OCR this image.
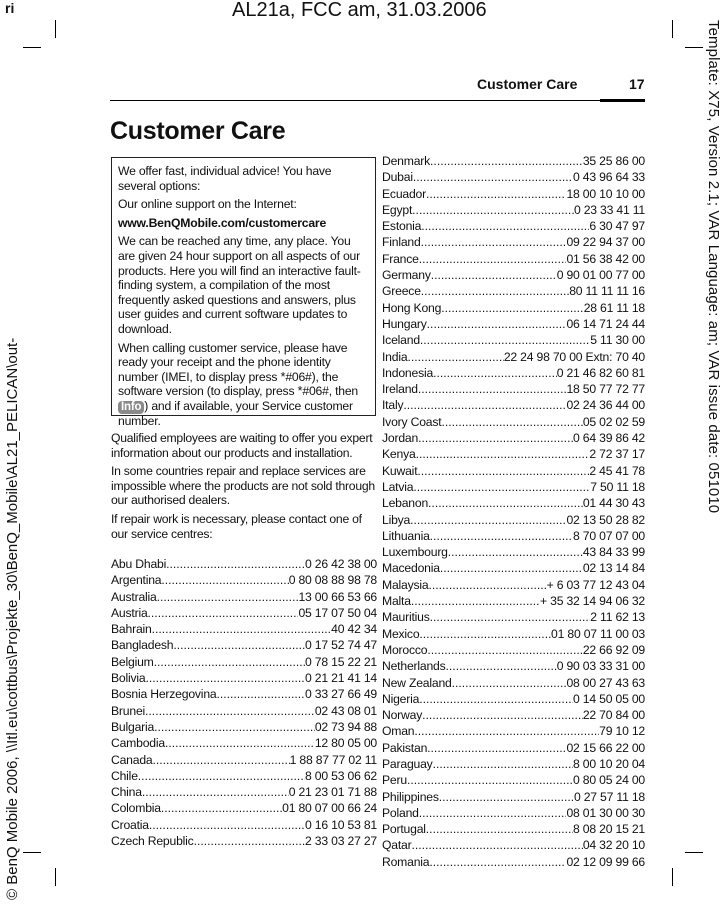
ri	AL21a, FCC am, 31.03.2006
Template: X75, Version 2.1; VAR Language: am; VAR issue date: 051010
© BenQ Mobile 2006, \\Itl.eu\cottbus\Projekte_30\BenQ_Mobile\AL21_PELICAN\out-
Customer Care	17
Customer Care

We offer fast, individual advice! You have several options:

Our online support on the Internet:

www.BenQMobile.com/customercare

We can be reached any time, any place. You are given 24 hour support on all aspects of our products. Here you will find an interactive fault-finding system, a compilation of the most frequently asked questions and answers, plus user guides and current software updates to download.

When calling customer service, please have ready your receipt and the phone identity number (IMEI, to display press *#06#), the software version (to display, press *#06#, then Info ) and if available, your Service customer number.

Qualified employees are waiting to offer you expert information about our products and installation.

In some countries repair and replace services are impossible where the products are not sold through our authorised dealers.

If repair work is necessary, please contact one of our service centres:

Abu Dhabi .....	0 26 42 38 00
Argentina .....	0 80 08 88 98 78
Australia .....	13 00 66 53 66
Austria .....	05 17 07 50 04
Bahrain .....	40 42 34
Bangladesh .....	0 17 52 74 47
Belgium .....	0 78 15 22 21
Bolivia .....	0 21 21 41 14
Bosnia Herzegovina .....	0 33 27 66 49
Brunei .....	02 43 08 01
Bulgaria .....	02 73 94 88
Cambodia .....	12 80 05 00
Canada .....	1 88 87 77 02 11
Chile .....	8 00 53 06 62
China .....	0 21 23 01 71 88
Colombia .....	01 80 07 00 66 24
Croatia .....	0 16 10 53 81
Czech Republic .....	2 33 03 27 27
Denmark .....	35 25 86 00
Dubai .....	0 43 96 64 33
Ecuador .....	18 00 10 10 00
Egypt .....	0 23 33 41 11
Estonia .....	6 30 47 97
Finland .....	09 22 94 37 00
France .....	01 56 38 42 00
Germany .....	0 90 01 00 77 00
Greece .....	80 11 11 11 16
Hong Kong .....	28 61 11 18
Hungary .....	06 14 71 24 44
Iceland .....	5 11 30 00
India .....	22 24 98 70 00 Extn: 70 40
Indonesia .....	0 21 46 82 60 81
Ireland .....	18 50 77 72 77
Italy .....	02 24 36 44 00
Ivory Coast .....	05 02 02 59
Jordan .....	0 64 39 86 42
Kenya .....	2 72 37 17
Kuwait .....	2 45 41 78
Latvia .....	7 50 11 18
Lebanon .....	01 44 30 43
Libya .....	02 13 50 28 82
Lithuania .....	8 70 07 07 00
Luxembourg .....	43 84 33 99
Macedonia .....	02 13 14 84
Malaysia .....	+ 6 03 77 12 43 04
Malta .....	+ 35 32 14 94 06 32
Mauritius .....	2 11 62 13
Mexico .....	01 80 07 11 00 03
Morocco .....	22 66 92 09
Netherlands .....	0 90 03 33 31 00
New Zealand .....	08 00 27 43 63
Nigeria .....	0 14 50 05 00
Norway .....	22 70 84 00
Oman .....	79 10 12
Pakistan .....	02 15 66 22 00
Paraguay .....	8 00 10 20 04
Peru .....	0 80 05 24 00
Philippines .....	0 27 57 11 18
Poland .....	08 01 30 00 30
Portugal .....	8 08 20 15 21
Qatar .....	04 32 20 10
Romania .....	02 12 09 99 66
